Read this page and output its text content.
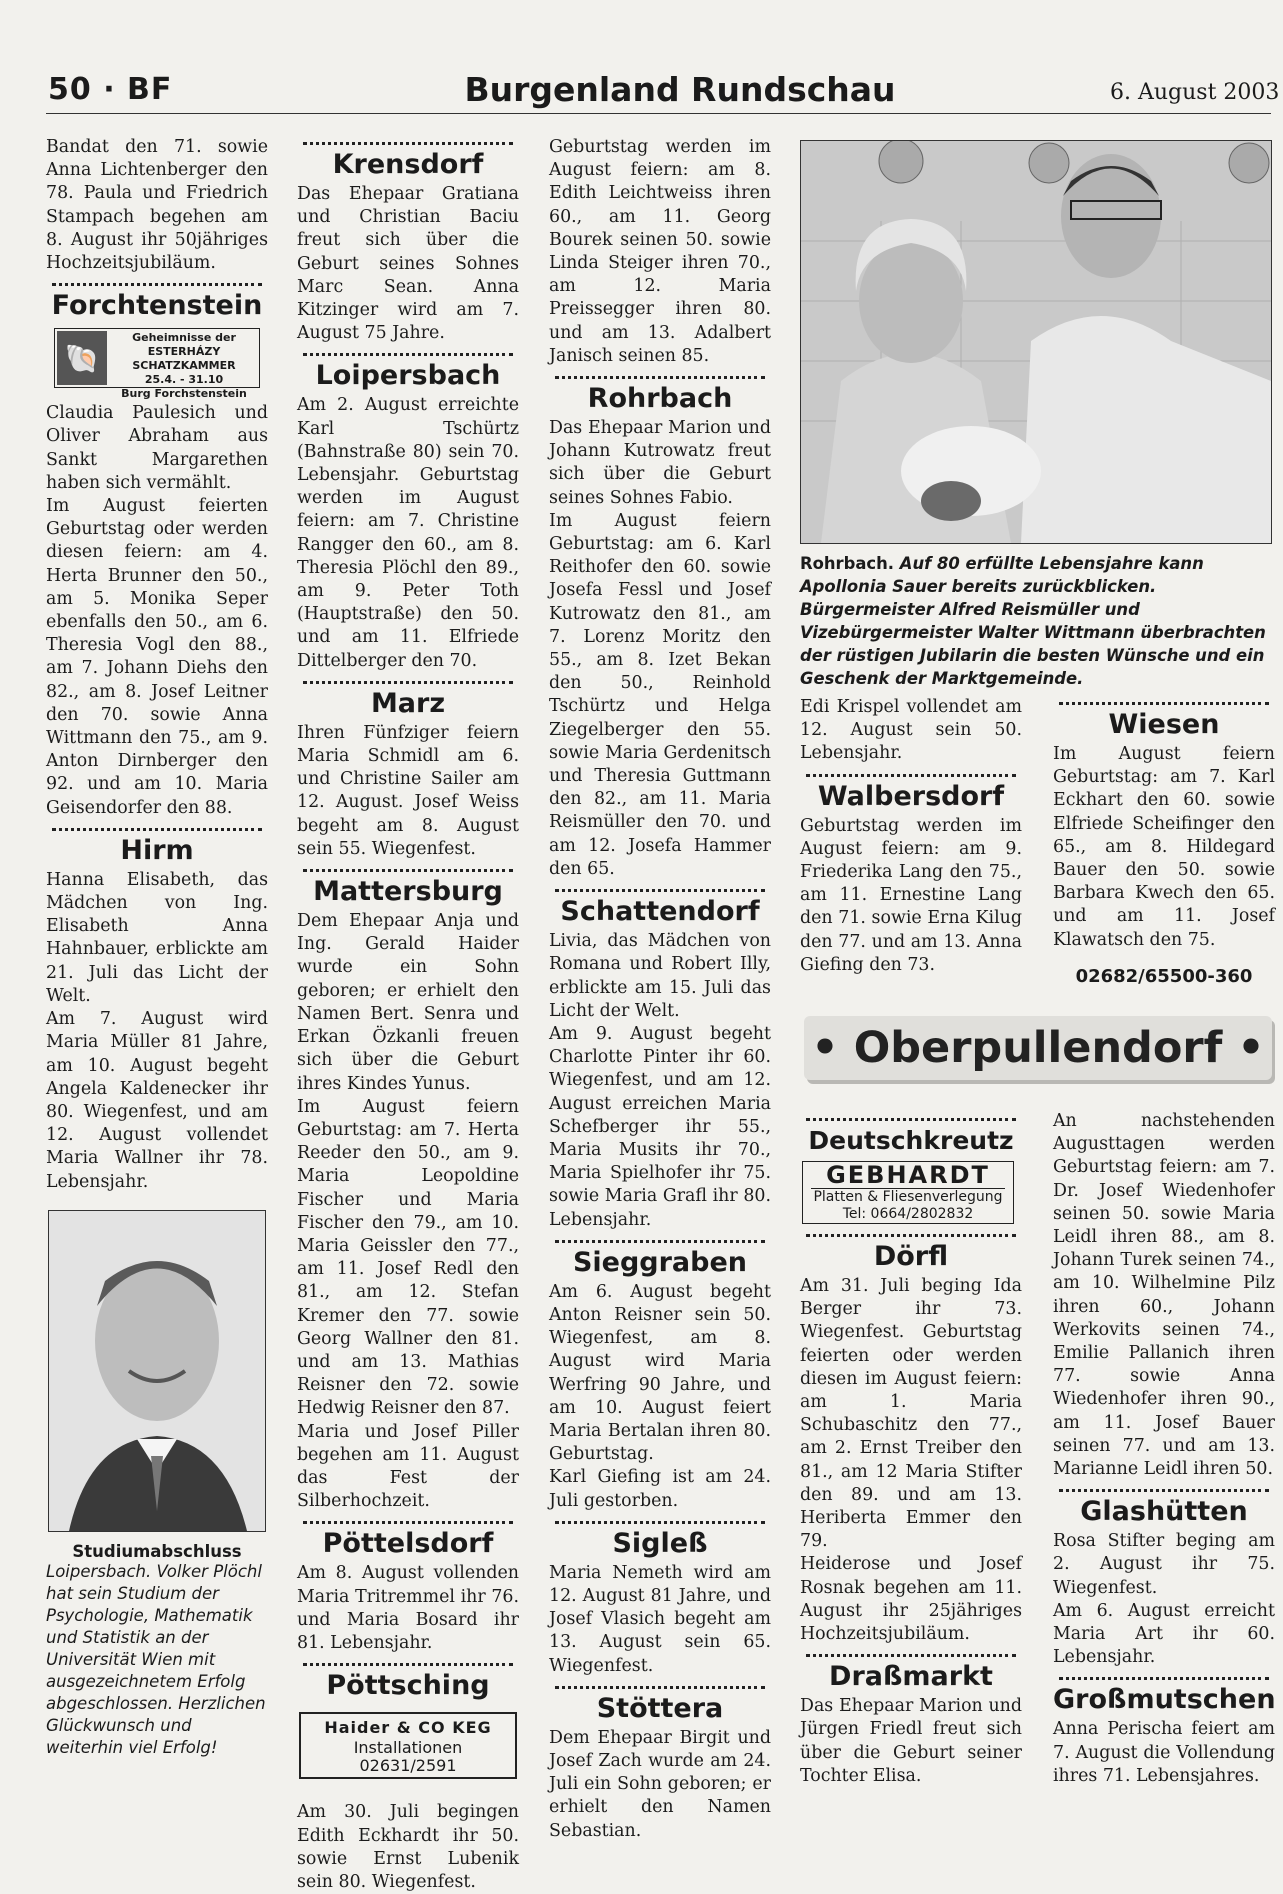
50 · BF	Burgenland Rundschau	6. August 2003

Bandat den 71. sowie Anna Lichtenberger den 78. Paula und Friedrich Stampach begehen am 8. August ihr 50jähriges Hochzeitsjubiläum.

Forchtenstein
🐚
Geheimnisse der
ESTERHÁZY SCHATZKAMMER
25.4. - 31.10
Burg Forchstenstein

Claudia Paulesich und Oliver Abraham aus Sankt Margarethen haben sich vermählt.

Im August feierten Geburtstag oder werden diesen feiern: am 4. Herta Brunner den 50., am 5. Monika Seper ebenfalls den 50., am 6. Theresia Vogl den 88., am 7. Johann Diehs den 82., am 8. Josef Leitner den 70. sowie Anna Wittmann den 75., am 9. Anton Dirnberger den 92. und am 10. Maria Geisendorfer den 88.

Hirm

Hanna Elisabeth, das Mädchen von Ing. Elisabeth Anna Hahnbauer, erblickte am 21. Juli das Licht der Welt.

Am 7. August wird Maria Müller 81 Jahre, am 10. August begeht Angela Kaldenecker ihr 80. Wiegenfest, und am 12. August vollendet Maria Wallner ihr 78. Lebensjahr.

Studiumabschluss

Loipersbach. Volker Plöchl hat sein Studium der Psychologie, Mathematik und Statistik an der Universität Wien mit ausgezeichnetem Erfolg abgeschlossen. Herzlichen Glückwunsch und weiterhin viel Erfolg!

Krensdorf

Das Ehepaar Gratiana und Christian Baciu freut sich über die Geburt seines Sohnes Marc Sean. Anna Kitzinger wird am 7. August 75 Jahre.

Loipersbach

Am 2. August erreichte Karl Tschürtz (Bahnstraße 80) sein 70. Lebensjahr. Geburtstag werden im August feiern: am 7. Christine Rangger den 60., am 8. Theresia Plöchl den 89., am 9. Peter Toth (Hauptstraße) den 50. und am 11. Elfriede Dittelberger den 70.

Marz

Ihren Fünfziger feiern Maria Schmidl am 6. und Christine Sailer am 12. August. Josef Weiss begeht am 8. August sein 55. Wiegenfest.

Mattersburg

Dem Ehepaar Anja und Ing. Gerald Haider wurde ein Sohn geboren; er erhielt den Namen Bert. Senra und Erkan Özkanli freuen sich über die Geburt ihres Kindes Yunus.

Im August feiern Geburtstag: am 7. Herta Reeder den 50., am 9. Maria Leopoldine Fischer und Maria Fischer den 79., am 10. Maria Geissler den 77., am 11. Josef Redl den 81., am 12. Stefan Kremer den 77. sowie Georg Wallner den 81. und am 13. Mathias Reisner den 72. sowie Hedwig Reisner den 87.

Maria und Josef Piller begehen am 11. August das Fest der Silberhochzeit.

Pöttelsdorf

Am 8. August vollenden Maria Tritremmel ihr 76. und Maria Bosard ihr 81. Lebensjahr.

Pöttsching
Haider & CO KEG
Installationen
02631/2591

Am 30. Juli begingen Edith Eckhardt ihr 50. sowie Ernst Lubenik sein 80. Wiegenfest.

Geburtstag werden im August feiern: am 8. Edith Leichtweiss ihren 60., am 11. Georg Bourek seinen 50. sowie Linda Steiger ihren 70., am 12. Maria Preissegger ihren 80. und am 13. Adalbert Janisch seinen 85.

Rohrbach

Das Ehepaar Marion und Johann Kutrowatz freut sich über die Geburt seines Sohnes Fabio.

Im August feiern Geburtstag: am 6. Karl Reithofer den 60. sowie Josefa Fessl und Josef Kutrowatz den 81., am 7. Lorenz Moritz den 55., am 8. Izet Bekan den 50., Reinhold Tschürtz und Helga Ziegelberger den 55. sowie Maria Gerdenitsch und Theresia Guttmann den 82., am 11. Maria Reismüller den 70. und am 12. Josefa Hammer den 65.

Schattendorf

Livia, das Mädchen von Romana und Robert Illy, erblickte am 15. Juli das Licht der Welt.

Am 9. August begeht Charlotte Pinter ihr 60. Wiegenfest, und am 12. August erreichen Maria Schefberger ihr 55., Maria Musits ihr 70., Maria Spielhofer ihr 75. sowie Maria Grafl ihr 80. Lebensjahr.

Sieggraben

Am 6. August begeht Anton Reisner sein 50. Wiegenfest, am 8. August wird Maria Werfring 90 Jahre, und am 10. August feiert Maria Bertalan ihren 80. Geburtstag.

Karl Giefing ist am 24. Juli gestorben.

Sigleß

Maria Nemeth wird am 12. August 81 Jahre, und Josef Vlasich begeht am 13. August sein 65. Wiegenfest.

Stöttera

Dem Ehepaar Birgit und Josef Zach wurde am 24. Juli ein Sohn geboren; er erhielt den Namen Sebastian.

Rohrbach. Auf 80 erfüllte Lebensjahre kann Apollonia Sauer bereits zurückblicken. Bürgermeister Alfred Reismüller und Vizebürgermeister Walter Wittmann überbrachten der rüstigen Jubilarin die besten Wünsche und ein Geschenk der Marktgemeinde.

Edi Krispel vollendet am 12. August sein 50. Lebensjahr.

Walbersdorf

Geburtstag werden im August feiern: am 9. Friederika Lang den 75., am 11. Ernestine Lang den 71. sowie Erna Kilug den 77. und am 13. Anna Giefing den 73.

Wiesen

Im August feiern Geburtstag: am 7. Karl Eckhart den 60. sowie Elfriede Scheifinger den 65., am 8. Hildegard Bauer den 50. sowie Barbara Kwech den 65. und am 11. Josef Klawatsch den 75.

02682/65500-360
• Oberpullendorf •
Deutschkreutz
GEBHARDT
Platten & Fliesenverlegung
Tel: 0664/2802832
Dörfl

Am 31. Juli beging Ida Berger ihr 73. Wiegenfest. Geburtstag feierten oder werden diesen im August feiern: am 1. Maria Schubaschitz den 77., am 2. Ernst Treiber den 81., am 12 Maria Stifter den 89. und am 13. Heriberta Emmer den 79.

Heiderose und Josef Rosnak begehen am 11. August ihr 25jähriges Hochzeitsjubiläum.

Draßmarkt

Das Ehepaar Marion und Jürgen Friedl freut sich über die Geburt seiner Tochter Elisa.

An nachstehenden Augusttagen werden Geburtstag feiern: am 7. Dr. Josef Wiedenhofer seinen 50. sowie Maria Leidl ihren 88., am 8. Johann Turek seinen 74., am 10. Wilhelmine Pilz ihren 60., Johann Werkovits seinen 74., Emilie Pallanich ihren 77. sowie Anna Wiedenhofer ihren 90., am 11. Josef Bauer seinen 77. und am 13. Marianne Leidl ihren 50.

Glashütten

Rosa Stifter beging am 2. August ihr 75. Wiegenfest.

Am 6. August erreicht Maria Art ihr 60. Lebensjahr.

Großmutschen

Anna Perischa feiert am 7. August die Vollendung ihres 71. Lebensjahres.
